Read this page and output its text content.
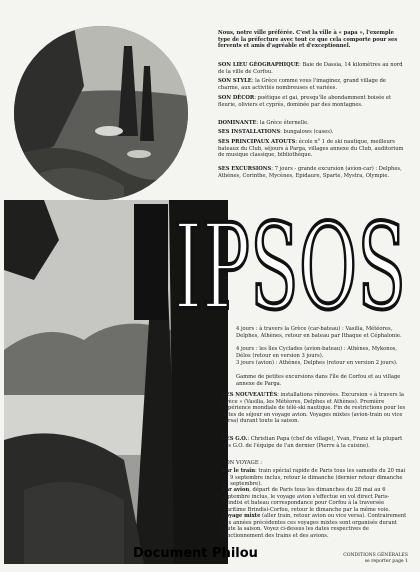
Nous, notre ville préférée. C'est la ville à « papa », l'exemple type de la préfecture avec tout ce que cela comporte pour ses fervents et amis d'agréable et d'exceptionnel.
SON LIEU GÉOGRAPHIQUE: Baie de Dassia, 14 kilomètres au nord de la ville de Corfou.
SON STYLE: la Grèce comme vous l'imaginez, grand village de charme, aux activités nombreuses et variées.
SON DÉCOR: poétique et gai, presqu'île abondamment boisée et fleurie, oliviers et cyprès, dominée par des montagnes.
DOMINANTE: la Grèce éternelle.
SES INSTALLATIONS: bungalows (cases).
SES PRINCIPAUX ATOUTS: école n° 1 de ski nautique, meilleurs bateaux du Club, séjours à Parga, villages annexe du Club, auditorium de musique classique, bibliothèque.
SES EXCURSIONS: 7 jours - grande excursion (avion-car) : Delphes, Athènes, Corinthe, Mycènes, Epidaure, Sparte, Mystra, Olympie.
IPSOS
4 jours : à travers la Grèce (car-bateau) : Vasilia, Météores, Delphes, Athènes, retour en bateau par Ithaque et Céphalonie.
4 jours : les îles Cyclades (avion-bateau) : Athènes, Mykonos, Délos (retour en version 3 jours).
3 jours (avion) : Athènes, Delphes (retour en version 2 jours).
Gamme de petites excursions dans l'île de Corfou et au village annexe de Parga.
SES NOUVEAUTÉS: installations rénovées. Excursion « à travers la Grèce » (Vasilia, les Météores, Delphes et Athènes). Première expérience mondiale de télé-ski nautique. Fin de restrictions pour les dates de séjour en voyage avion. Voyages mixtes (avion-train ou vice versa) durant toute la saison.
SES G.O.: Christian Papa (chef de village), Yvan, Franz et la plupart des G.O. de l'équipe de l'an dernier (Pierre à la cuisine).
SON VOYAGE :
Par le train: train spécial rapide de Paris tous les samedis du 20 mai au 9 septembre inclus, retour le dimanche (dernier retour dimanche 27 septembre).
Par avion, départ de Paris tous les dimanches du 28 mai au 6 septembre inclus, le voyage avion s'effectue en vol direct Paris-Brindisi et bateau correspondance pour Corfou à la traversée maritime Brindisi-Corfou, retour le dimanche par la même voie.
Voyage mixte (aller train, retour avion ou vice versa). Contrairement aux années précédentes ces voyages mixtes sont organisés durant toute la saison. Voyez ci-dessus les dates respectives de fonctionnement des trains et des avions.
Document Philou	CONDITIONS GÉNÉRALES
se reporter page 1
